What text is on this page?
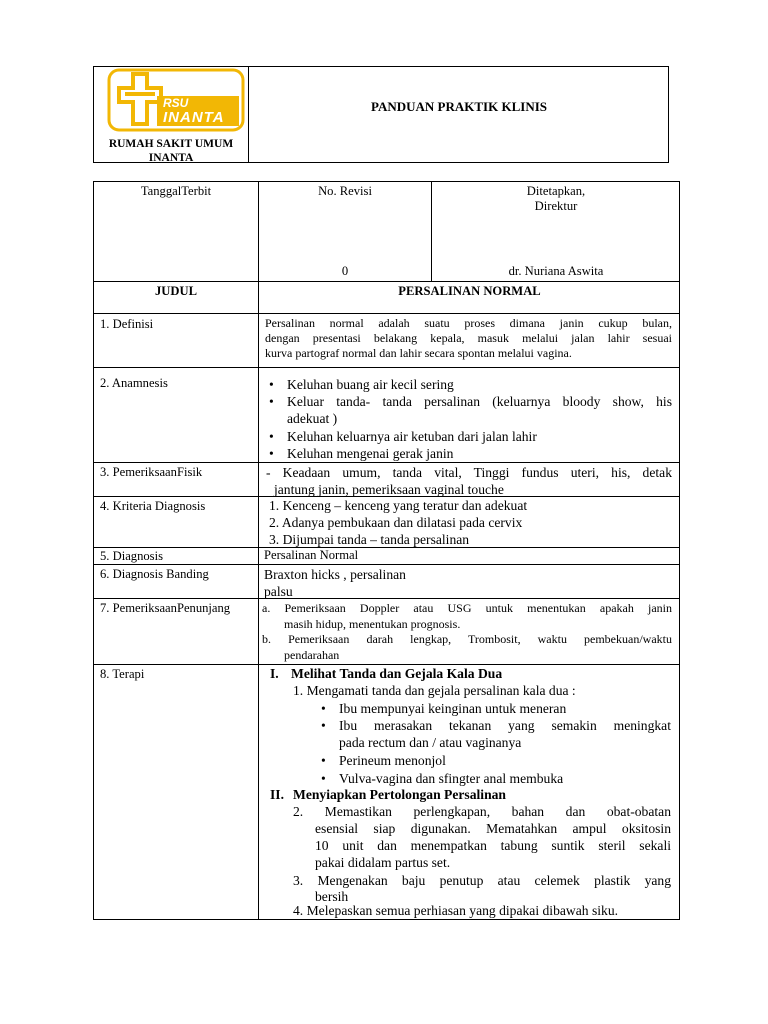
RSU
INANTA
RUMAH SAKIT UMUM
INANTA
PANDUAN PRAKTIK KLINIS
TanggalTerbit	No. Revisi
0
Ditetapkan,
Direktur
dr. Nuriana Aswita
JUDUL	PERSALINAN NORMAL
1. Definisi	Persalinan normal adalah suatu proses dimana janin cukup bulan,
dengan presentasi belakang kepala, masuk melalui jalan lahir sesuai
kurva partograf normal dan lahir secara spontan melalui vagina.
2. Anamnesis
•	Keluhan buang air kecil sering
• Keluar tanda- tanda persalinan (keluarnya bloody show, his
adekuat )
• Keluhan keluarnya air ketuban dari jalan lahir
• Keluhan mengenai gerak janin
3. PemeriksaanFisik	- Keadaan umum, tanda vital, Tinggi fundus uteri, his, detak
jantung janin, pemeriksaan vaginal touche
4. Kriteria Diagnosis	1. Kenceng – kenceng yang teratur dan adekuat
2. Adanya pembukaan dan dilatasi pada cervix
3. Dijumpai tanda – tanda persalinan
5. Diagnosis	Persalinan Normal
6. Diagnosis Banding	Braxton hicks , persalinan
palsu
7. PemeriksaanPenunjang	a. Pemeriksaan Doppler atau USG untuk menentukan apakah janin
masih hidup, menentukan prognosis.
b. Pemeriksaan darah lengkap, Trombosit, waktu pembekuan/waktu
pendarahan
8. Terapi	I. Melihat Tanda dan Gejala Kala Dua
1. Mengamati tanda dan gejala persalinan kala dua :
• Ibu mempunyai keinginan untuk meneran
• Ibu merasakan tekanan yang semakin meningkat
pada rectum dan / atau vaginanya
• Perineum menonjol
• Vulva-vagina dan sfingter anal membuka
II. Menyiapkan Pertolongan Persalinan
2. Memastikan perlengkapan, bahan dan obat-obatan
esensial siap digunakan. Mematahkan ampul oksitosin
10 unit dan menempatkan tabung suntik steril sekali
pakai didalam partus set.
3. Mengenakan baju penutup atau celemek plastik yang
bersih
4. Melepaskan semua perhiasan yang dipakai dibawah siku.
